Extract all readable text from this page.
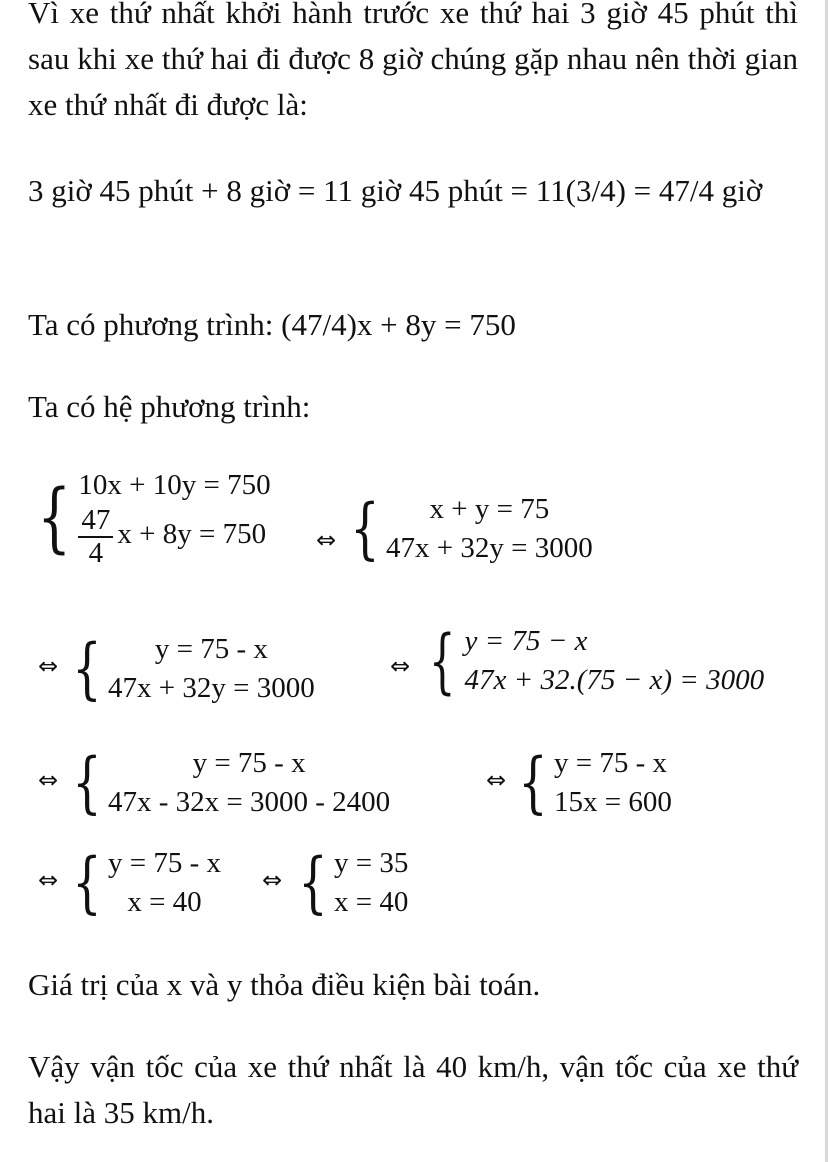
Vì xe thứ nhất khởi hành trước xe thứ hai 3 giờ 45 phút thì sau khi xe thứ hai đi được 8 giờ chúng gặp nhau nên thời gian xe thứ nhất đi được là:

3 giờ 45 phút + 8 giờ = 11 giờ 45 phút = 11(3/4) = 47/4 giờ

Ta có phương trình: (47/4)x + 8y = 750

Ta có hệ phương trình:

{ 10x + 10y = 750
$\frac{47}{4}$ x + 8y = 750 ⇔ {	x + y = 75
47x + 32y = 3000
⇔ {	y = 75 - x
47x + 32y = 3000
⇔ { y = 75 − x
47x + 32.(75 − x) = 3000
⇔ {	y = 75 - x
47x - 32x = 3000 - 2400
⇔ { y = 75 - x
15x = 600
⇔ { y = 75 - x
x = 40
⇔ { y = 35
x = 40

Giá trị của x và y thỏa điều kiện bài toán.

Vậy vận tốc của xe thứ nhất là 40 km/h, vận tốc của xe thứ hai là 35 km/h.
